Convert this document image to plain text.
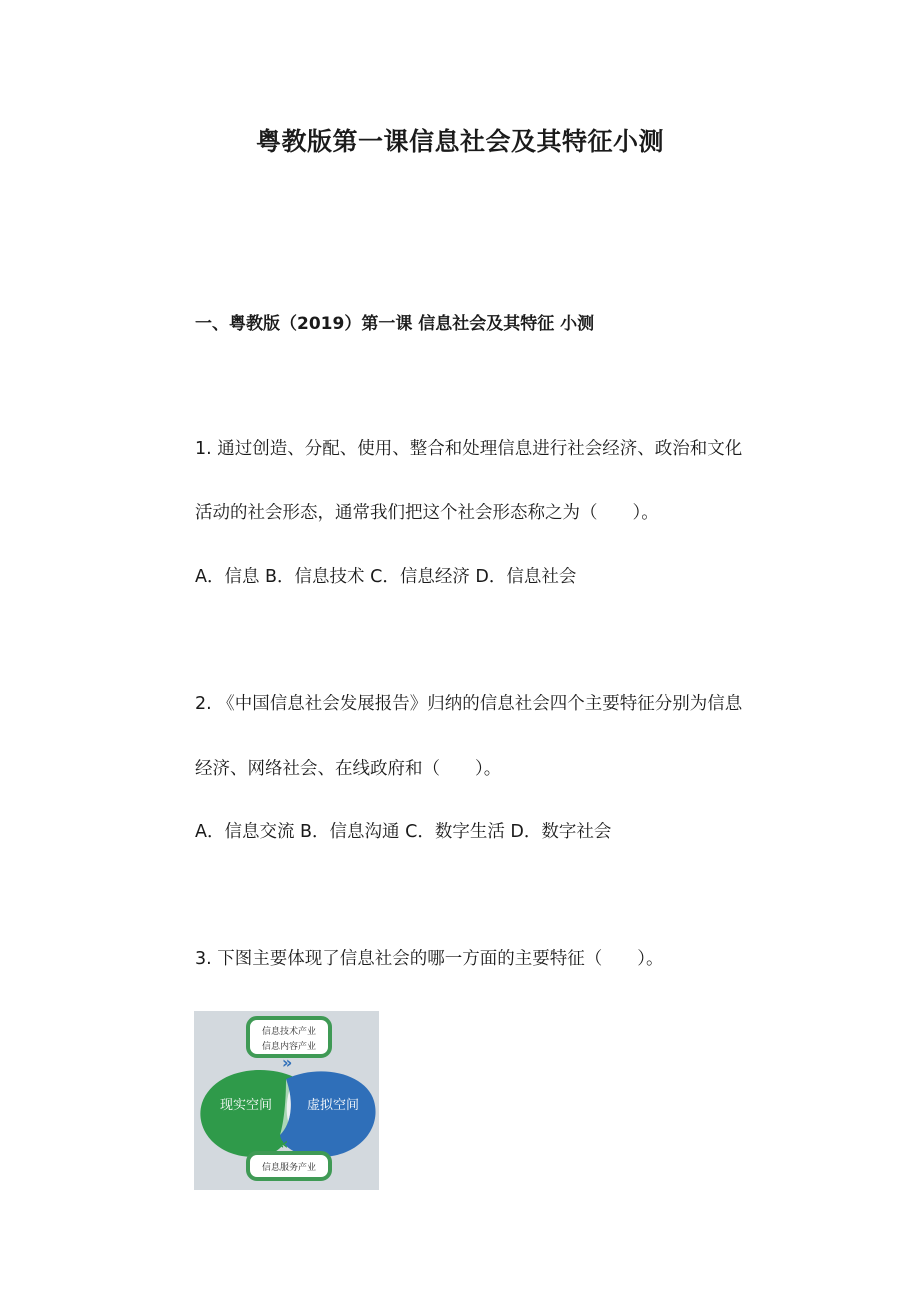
粤教版第一课信息社会及其特征小测
一、粤教版（2019）第一课 信息社会及其特征 小测
1. 通过创造、分配、使用、整合和处理信息进行社会经济、政治和文化
活动的社会形态，通常我们把这个社会形态称之为（　　）。
A．信息 B．信息技术 C．信息经济 D．信息社会
2. 《中国信息社会发展报告》归纳的信息社会四个主要特征分别为信息
经济、网络社会、在线政府和（　　）。
A．信息交流 B．信息沟通 C．数字生活 D．数字社会
3. 下图主要体现了信息社会的哪一方面的主要特征（　　）。
信息技术产业
信息内容产业
»
现实空间	虚拟空间
«
信息服务产业
